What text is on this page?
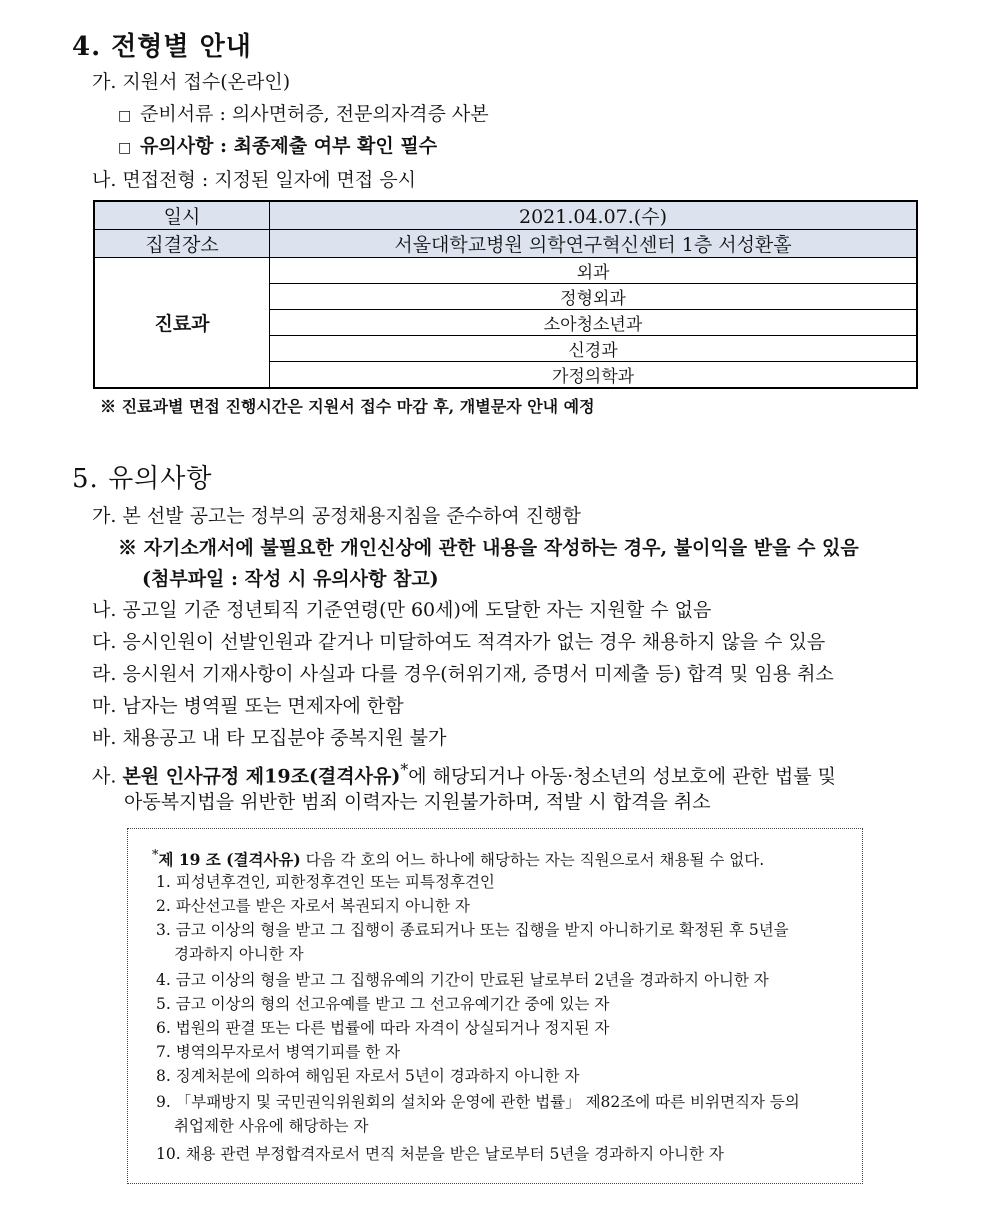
4. 전형별 안내
가. 지원서 접수(온라인)
□ 준비서류 : 의사면허증, 전문의자격증 사본
□ 유의사항 : 최종제출 여부 확인 필수
나. 면접전형 : 지정된 일자에 면접 응시
일시	2021.04.07.(수)
집결장소	서울대학교병원 의학연구혁신센터 1층 서성환홀
진료과	외과
	정형외과
	소아청소년과
	신경과
	가정의학과
※ 진료과별 면접 진행시간은 지원서 접수 마감 후, 개별문자 안내 예정
5. 유의사항
가. 본 선발 공고는 정부의 공정채용지침을 준수하여 진행함
※ 자기소개서에 불필요한 개인신상에 관한 내용을 작성하는 경우, 불이익을 받을 수 있음
(첨부파일 : 작성 시 유의사항 참고)
나. 공고일 기준 정년퇴직 기준연령(만 60세)에 도달한 자는 지원할 수 없음
다. 응시인원이 선발인원과 같거나 미달하여도 적격자가 없는 경우 채용하지 않을 수 있음
라. 응시원서 기재사항이 사실과 다를 경우(허위기재, 증명서 미제출 등) 합격 및 임용 취소
마. 남자는 병역필 또는 면제자에 한함
바. 채용공고 내 타 모집분야 중복지원 불가
사. 본원 인사규정 제19조(결격사유)*에 해당되거나 아동·청소년의 성보호에 관한 법률 및
아동복지법을 위반한 범죄 이력자는 지원불가하며, 적발 시 합격을 취소
*제 19 조 (결격사유) 다음 각 호의 어느 하나에 해당하는 자는 직원으로서 채용될 수 없다.
1. 피성년후견인, 피한정후견인 또는 피특정후견인
2. 파산선고를 받은 자로서 복권되지 아니한 자
3. 금고 이상의 형을 받고 그 집행이 종료되거나 또는 집행을 받지 아니하기로 확정된 후 5년을
경과하지 아니한 자
4. 금고 이상의 형을 받고 그 집행유예의 기간이 만료된 날로부터 2년을 경과하지 아니한 자
5. 금고 이상의 형의 선고유예를 받고 그 선고유예기간 중에 있는 자
6. 법원의 판결 또는 다른 법률에 따라 자격이 상실되거나 정지된 자
7. 병역의무자로서 병역기피를 한 자
8. 징계처분에 의하여 해임된 자로서 5년이 경과하지 아니한 자
9. 「부패방지 및 국민권익위원회의 설치와 운영에 관한 법률」 제82조에 따른 비위면직자 등의
취업제한 사유에 해당하는 자
10. 채용 관련 부정합격자로서 면직 처분을 받은 날로부터 5년을 경과하지 아니한 자
